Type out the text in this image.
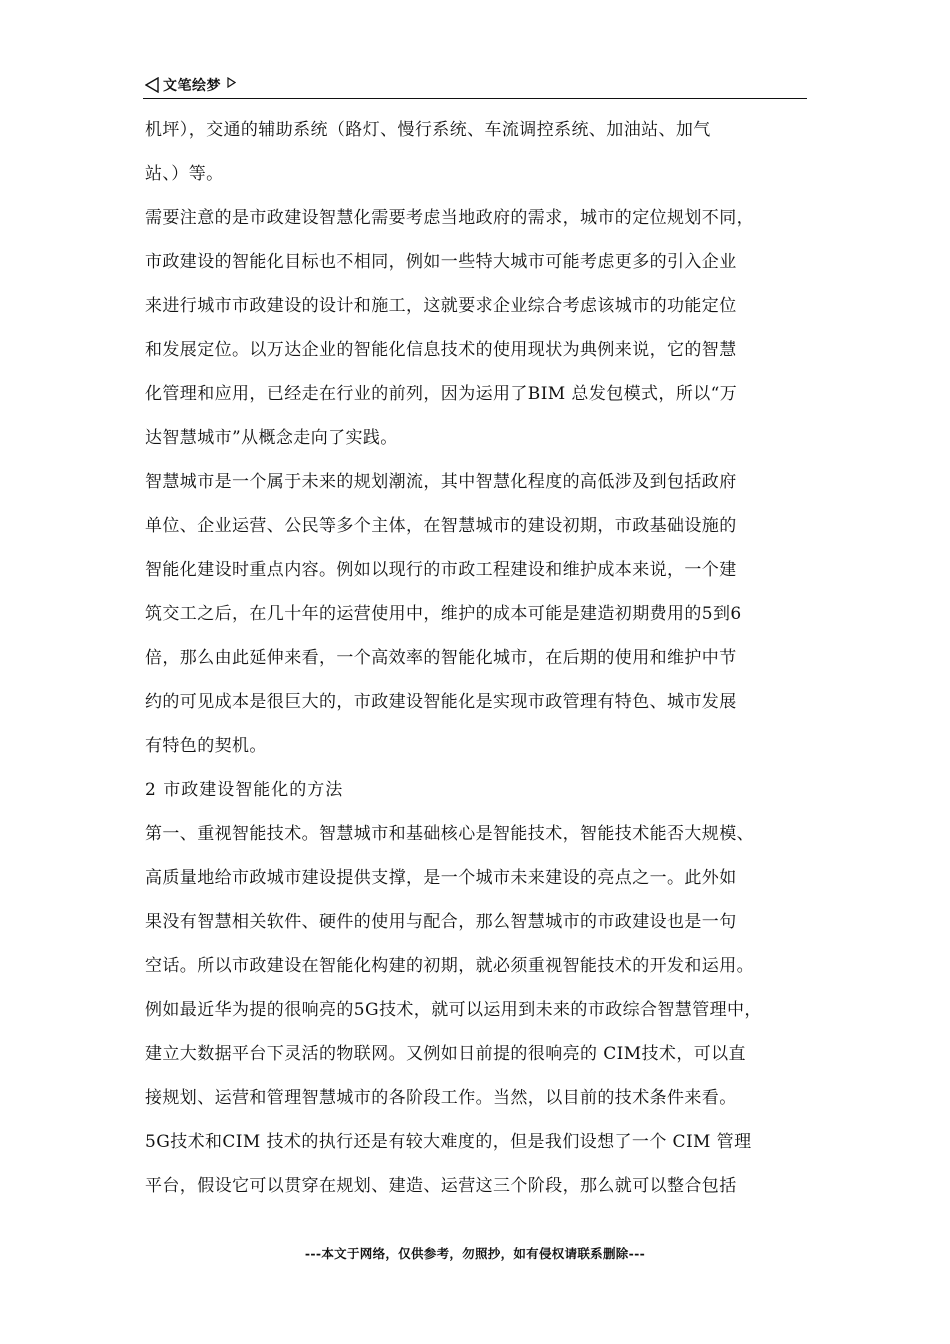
文笔绘梦
机坪），交通的辅助系统（路灯、慢行系统、车流调控系统、加油站、加气
站、）等。
需要注意的是市政建设智慧化需要考虑当地政府的需求，城市的定位规划不同，
市政建设的智能化目标也不相同，例如一些特大城市可能考虑更多的引入企业
来进行城市市政建设的设计和施工，这就要求企业综合考虑该城市的功能定位
和发展定位。以万达企业的智能化信息技术的使用现状为典例来说，它的智慧
化管理和应用，已经走在行业的前列，因为运用了BIM 总发包模式，所以“万
达智慧城市”从概念走向了实践。
智慧城市是一个属于未来的规划潮流，其中智慧化程度的高低涉及到包括政府
单位、企业运营、公民等多个主体，在智慧城市的建设初期，市政基础设施的
智能化建设时重点内容。例如以现行的市政工程建设和维护成本来说，一个建
筑交工之后，在几十年的运营使用中，维护的成本可能是建造初期费用的5到6
倍，那么由此延伸来看，一个高效率的智能化城市，在后期的使用和维护中节
约的可见成本是很巨大的，市政建设智能化是实现市政管理有特色、城市发展
有特色的契机。
2 市政建设智能化的方法
第一、重视智能技术。智慧城市和基础核心是智能技术，智能技术能否大规模、
高质量地给市政城市建设提供支撑，是一个城市未来建设的亮点之一。此外如
果没有智慧相关软件、硬件的使用与配合，那么智慧城市的市政建设也是一句
空话。所以市政建设在智能化构建的初期，就必须重视智能技术的开发和运用。
例如最近华为提的很响亮的5G技术，就可以运用到未来的市政综合智慧管理中，
建立大数据平台下灵活的物联网。又例如日前提的很响亮的 CIM技术，可以直
接规划、运营和管理智慧城市的各阶段工作。当然，以目前的技术条件来看。
5G技术和CIM 技术的执行还是有较大难度的，但是我们设想了一个 CIM 管理
平台，假设它可以贯穿在规划、建造、运营这三个阶段，那么就可以整合包括
---本文于网络，仅供参考，勿照抄，如有侵权请联系删除---
